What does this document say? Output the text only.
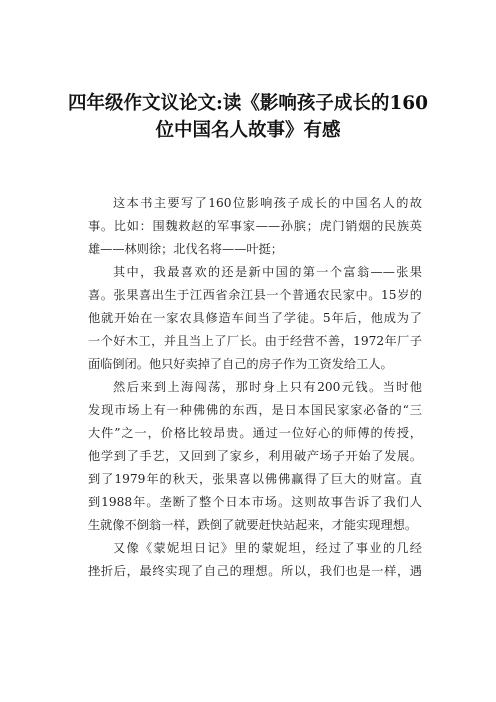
四年级作文议论文:读《影响孩子成长的160
位中国名人故事》有感
这本书主要写了160位影响孩子成长的中国名人的故
事。比如：围魏救赵的军事家——孙膑；虎门销烟的民族英
雄——林则徐；北伐名将——叶挺；
其中，我最喜欢的还是新中国的第一个富翁——张果
喜。张果喜出生于江西省余江县一个普通农民家中。15岁的
他就开始在一家农具修造车间当了学徒。5年后，他成为了
一个好木工，并且当上了厂长。由于经营不善，1972年厂子
面临倒闭。他只好卖掉了自己的房子作为工资发给工人。
然后来到上海闯荡，那时身上只有200元钱。当时他
发现市场上有一种佛佛的东西，是日本国民家家必备的“三
大件”之一，价格比较昂贵。通过一位好心的师傅的传授，
他学到了手艺，又回到了家乡，利用破产场子开始了发展。
到了1979年的秋天，张果喜以佛佛赢得了巨大的财富。直
到1988年。垄断了整个日本市场。这则故事告诉了我们人
生就像不倒翁一样，跌倒了就要赶快站起来，才能实现理想。
又像《蒙妮坦日记》里的蒙妮坦，经过了事业的几经
挫折后，最终实现了自己的理想。所以，我们也是一样，遇
